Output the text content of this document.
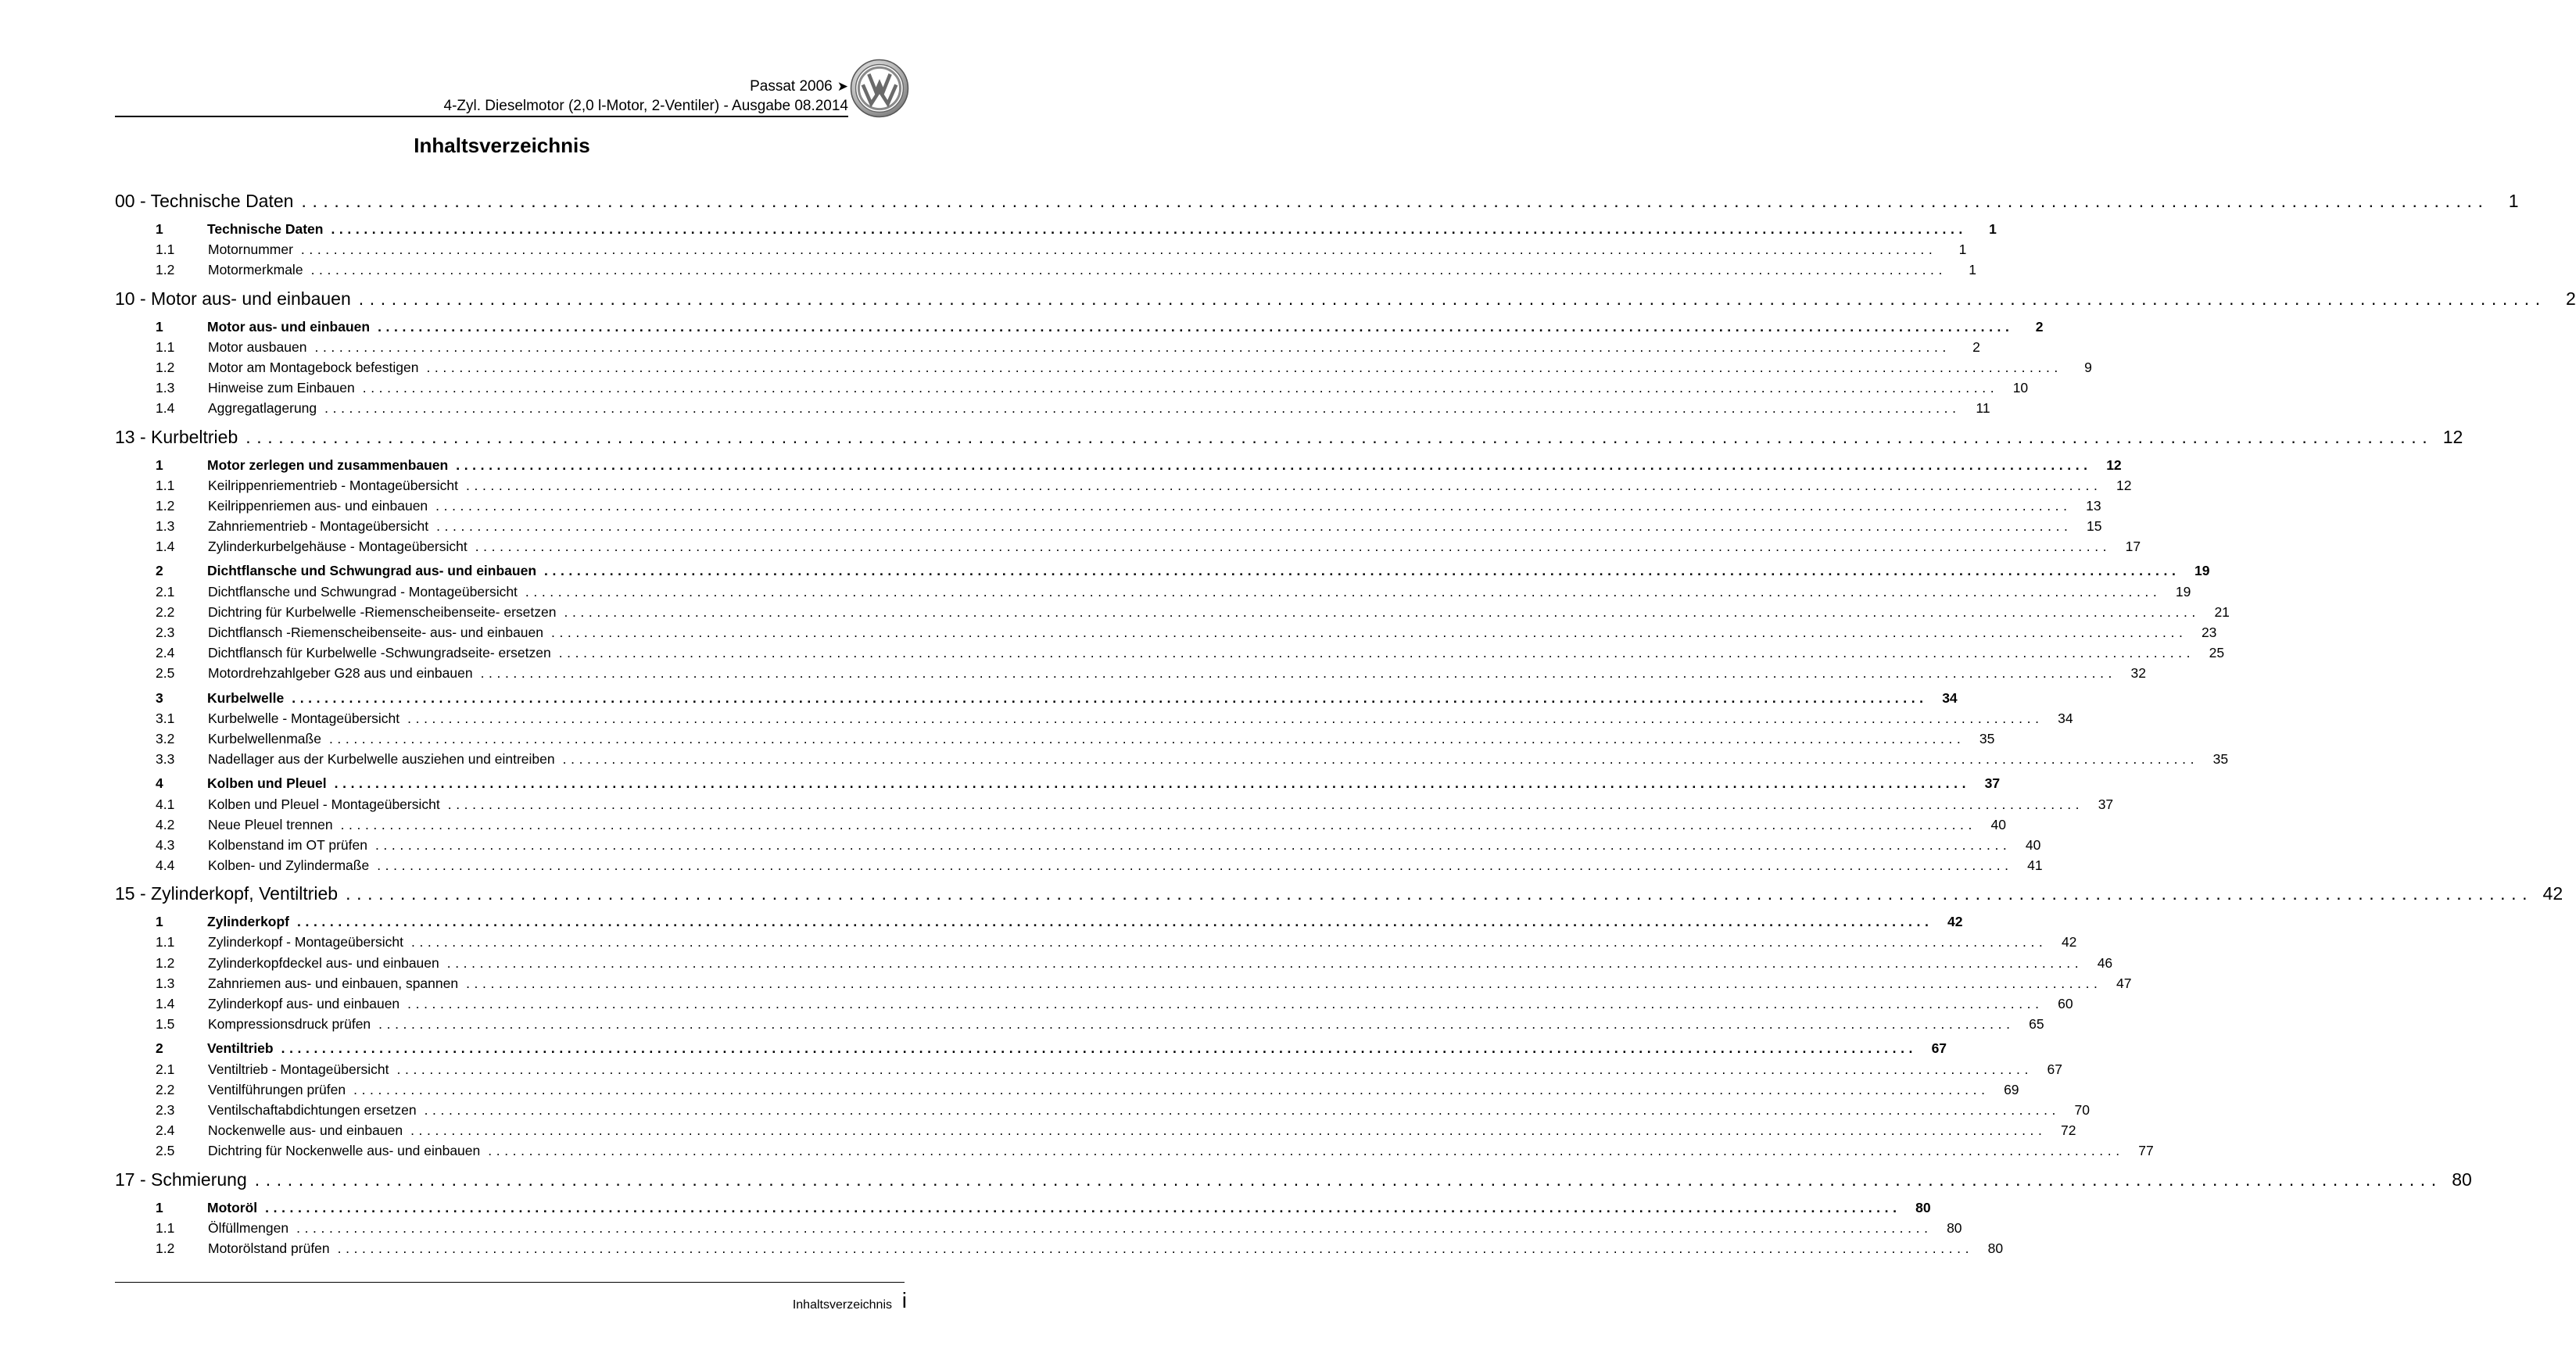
Passat 2006 ➤
4-Zyl. Dieselmotor (2,0 l-Motor, 2-Ventiler) - Ausgabe 08.2014
Inhaltsverzeichnis
00 - Technische Daten ........................................................................................................................................................................................................	1
1	Technische Daten ........................................................................................................................................................................................................	1
1.1	Motornummer ........................................................................................................................................................................................................	1
1.2	Motormerkmale ........................................................................................................................................................................................................	1
10 - Motor aus- und einbauen ........................................................................................................................................................................................................	2
1	Motor aus- und einbauen ........................................................................................................................................................................................................	2
1.1	Motor ausbauen ........................................................................................................................................................................................................	2
1.2	Motor am Montagebock befestigen ........................................................................................................................................................................................................	9
1.3	Hinweise zum Einbauen ........................................................................................................................................................................................................	10
1.4	Aggregatlagerung ........................................................................................................................................................................................................	11
13 - Kurbeltrieb ........................................................................................................................................................................................................ 12
1	Motor zerlegen und zusammenbauen ........................................................................................................................................................................................................	12
1.1	Keilrippenriementrieb - Montageübersicht ........................................................................................................................................................................................................	12
1.2	Keilrippenriemen aus- und einbauen ........................................................................................................................................................................................................	13
1.3	Zahnriementrieb - Montageübersicht ........................................................................................................................................................................................................	15
1.4	Zylinderkurbelgehäuse - Montageübersicht ........................................................................................................................................................................................................	17
2	Dichtflansche und Schwungrad aus- und einbauen ........................................................................................................................................................................................................	19
2.1	Dichtflansche und Schwungrad - Montageübersicht ........................................................................................................................................................................................................	19
2.2	Dichtring für Kurbelwelle -Riemenscheibenseite- ersetzen ........................................................................................................................................................................................................	21
2.3	Dichtflansch -Riemenscheibenseite- aus- und einbauen ........................................................................................................................................................................................................	23
2.4	Dichtflansch für Kurbelwelle -Schwungradseite- ersetzen ........................................................................................................................................................................................................	25
2.5	Motordrehzahlgeber G28 aus und einbauen ........................................................................................................................................................................................................	32
3	Kurbelwelle ........................................................................................................................................................................................................	34
3.1	Kurbelwelle - Montageübersicht ........................................................................................................................................................................................................	34
3.2	Kurbelwellenmaße ........................................................................................................................................................................................................	35
3.3	Nadellager aus der Kurbelwelle ausziehen und eintreiben ........................................................................................................................................................................................................	35
4	Kolben und Pleuel ........................................................................................................................................................................................................	37
4.1	Kolben und Pleuel - Montageübersicht ........................................................................................................................................................................................................	37
4.2	Neue Pleuel trennen ........................................................................................................................................................................................................	40
4.3	Kolbenstand im OT prüfen ........................................................................................................................................................................................................	40
4.4	Kolben- und Zylindermaße ........................................................................................................................................................................................................	41
15 - Zylinderkopf, Ventiltrieb ........................................................................................................................................................................................................ 42
1	Zylinderkopf ........................................................................................................................................................................................................	42
1.1	Zylinderkopf - Montageübersicht ........................................................................................................................................................................................................	42
1.2	Zylinderkopfdeckel aus- und einbauen ........................................................................................................................................................................................................	46
1.3	Zahnriemen aus- und einbauen, spannen ........................................................................................................................................................................................................	47
1.4	Zylinderkopf aus- und einbauen ........................................................................................................................................................................................................	60
1.5	Kompressionsdruck prüfen ........................................................................................................................................................................................................	65
2	Ventiltrieb ........................................................................................................................................................................................................	67
2.1	Ventiltrieb - Montageübersicht ........................................................................................................................................................................................................	67
2.2	Ventilführungen prüfen ........................................................................................................................................................................................................	69
2.3	Ventilschaftabdichtungen ersetzen ........................................................................................................................................................................................................	70
2.4	Nockenwelle aus- und einbauen ........................................................................................................................................................................................................	72
2.5	Dichtring für Nockenwelle aus- und einbauen ........................................................................................................................................................................................................	77
17 - Schmierung ........................................................................................................................................................................................................ 80
1	Motoröl ........................................................................................................................................................................................................	80
1.1	Ölfüllmengen ........................................................................................................................................................................................................	80
1.2	Motorölstand prüfen ........................................................................................................................................................................................................	80
Inhaltsverzeichnis i
